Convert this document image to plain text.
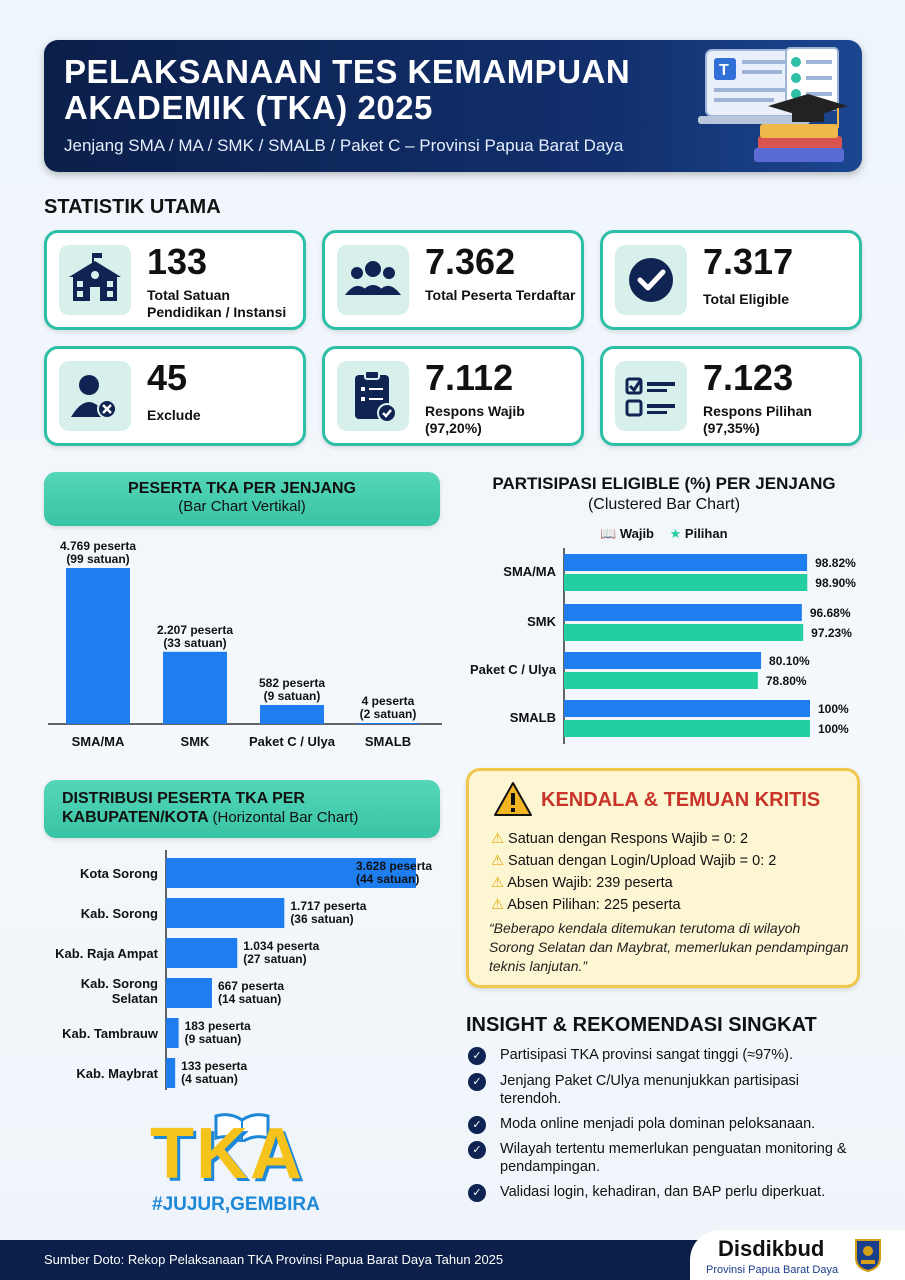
PELAKSANAAN TES KEMAMPUAN
AKADEMIK (TKA) 2025
Jenjang SMA / MA / SMK / SMALB / Paket C – Provinsi Papua Barat Daya
T
STATISTIK UTAMA
133
Total Satuan Pendidikan / Instansi
7.362
Total Peserta Terdaftar
7.317
Total Eligible
45
Exclude
7.112
Respons Wajib (97,20%)
7.123
Respons Pilihan (97,35%)
PESERTA TKA PER JENJANG
(Bar Chart Vertikal)
4.769 peserta (99 satuan)
SMA/MA
2.207 peserta (33 satuan)
SMK
582 peserta (9 satuan)
Paket C / Ulya
4 peserta (2 satuan)
SMALB
PARTISIPASI ELIGIBLE (%) PER JENJANG
(Clustered Bar Chart)
📖 Wajib ★ Pilihan
SMA/MA
98.82%
98.90%
SMK
96.68%
97.23%
Paket C / Ulya
80.10%
78.80%
SMALB
100%
100%
DISTRIBUSI PESERTA TKA PER KABUPATEN/KOTA (Horizontal Bar Chart)
Kota Sorong	3.628 peserta (44 satuan)
Kab. Sorong	1.717 peserta (36 satuan)
Kab. Raja Ampat	1.034 peserta (27 satuan)
Kab. Sorong Selatan
667 peserta (14 satuan)
Kab. Tambrauw 183 peserta (9 satuan)
Kab. Maybrat 133 peserta (4 satuan)
KENDALA & TEMUAN KRITIS
⚠ Satuan dengan Respons Wajib = 0: 2
⚠ Satuan dengan Login/Upload Wajib = 0: 2
⚠ Absen Wajib: 239 peserta
⚠ Absen Pilihan: 225 peserta
“Beberapo kendala ditemukan terutoma di wilayoh Sorong Selatan dan Maybrat, memerlukan pendampingan teknis lanjutan.”
INSIGHT & REKOMENDASI SINGKAT
✓	Partisipasi TKA provinsi sangat tinggi (≈97%).
✓	Jenjang Paket C/Ulya menunjukkan partisipasi terendoh.
✓	Moda online menjadi pola dominan peloksanaan.
✓	Wilayah tertentu memerlukan penguatan monitoring & pendampingan.
✓	Validasi login, kehadiran, dan BAP perlu diperkuat.
TKA
#JUJUR,GEMBIRA
Sumber Doto: Rekop Pelaksanaan TKA Provinsi Papua Barat Daya Tahun 2025	Disdikbud
Provinsi Papua Barat Daya
